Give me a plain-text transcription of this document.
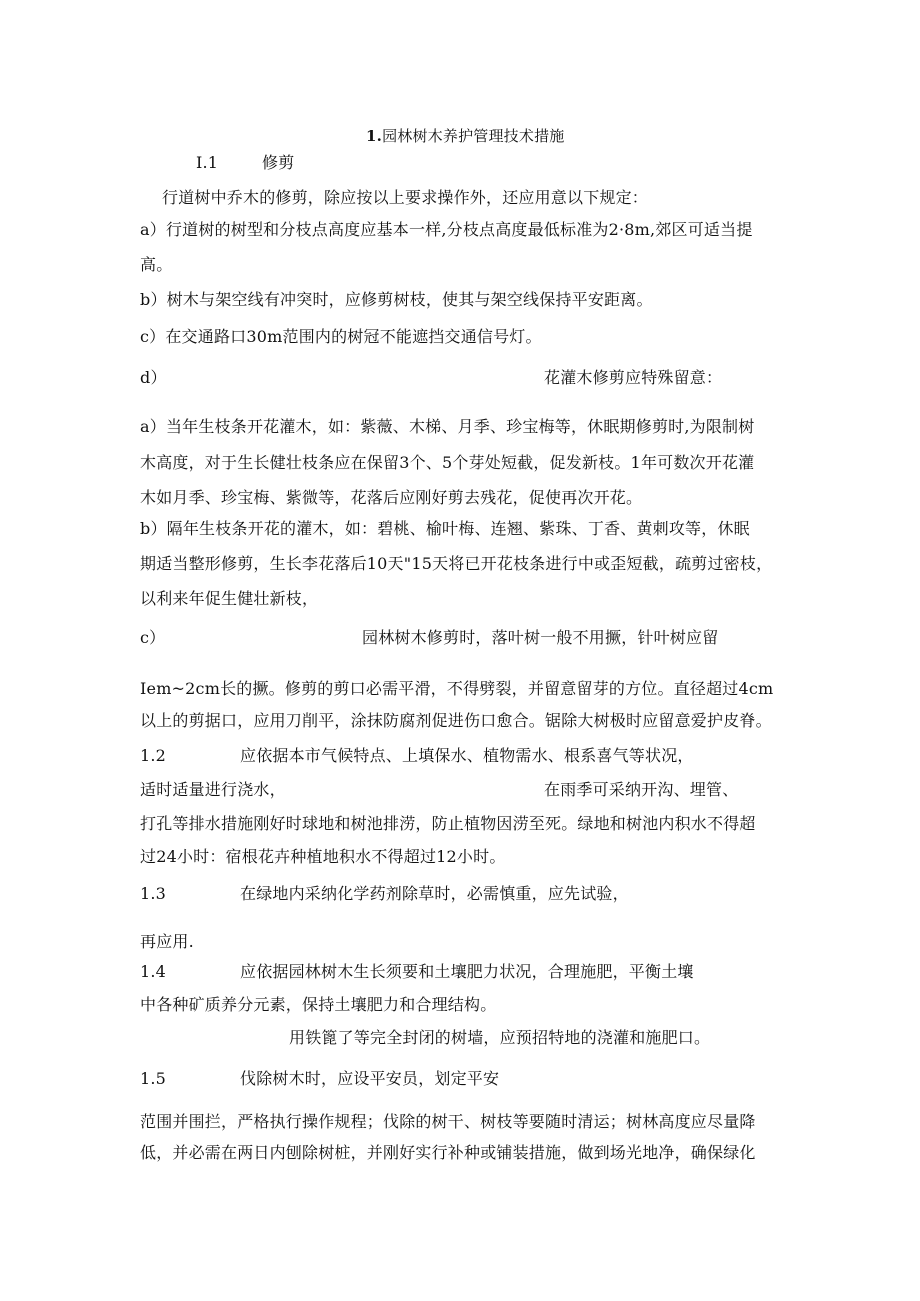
1.园林树木养护管理技术措施
I.1	修剪
行道树中乔木的修剪，除应按以上要求操作外，还应用意以下规定：
a）行道树的树型和分枝点高度应基本一样,分枝点高度最低标准为2·8m,郊区可适当提
高。
b）树木与架空线有冲突时，应修剪树枝，使其与架空线保持平安距离。
c）在交通路口30m范围内的树冠不能遮挡交通信号灯。
d）	花灌木修剪应特殊留意：
a）当年生枝条开花灌木，如：紫薇、木梯、月季、珍宝梅等，休眠期修剪时,为限制树
木高度，对于生长健壮枝条应在保留3个、5个芽处短截，促发新枝。1年可数次开花灌
木如月季、珍宝梅、紫微等，花落后应刚好剪去残花，促使再次开花。
b）隔年生枝条开花的灌木，如：碧桃、榆叶梅、连翘、紫珠、丁香、黄刺攻等，休眠
期适当整形修剪，生长李花落后10天"15天将已开花枝条进行中或歪短截，疏剪过密枝，
以利来年促生健壮新枝，
c）	园林树木修剪时，落叶树一般不用撅，针叶树应留
Iem~2cm长的撅。修剪的剪口必需平滑，不得劈裂，并留意留芽的方位。直径超过4cm
以上的剪据口，应用刀削平，涂抹防腐剂促进伤口愈合。锯除大树极时应留意爱护皮脊。
1.2	应依据本市气候特点、上填保水、植物需水、根系喜气等状况，
适时适量进行浇水，	在雨季可采纳开沟、埋管、
打孔等排水措施刚好时球地和树池排涝，防止植物因涝至死。绿地和树池内积水不得超
过24小时：宿根花卉种植地积水不得超过12小时。
1.3	在绿地内采纳化学药剂除草时，必需慎重，应先试验，
再应用.
1.4	应依据园林树木生长须要和土壤肥力状况，合理施肥，平衡土壤
中各种矿质养分元素，保持土壤肥力和合理结构。
用铁篦了等完全封闭的树墙，应预招特地的浇灌和施肥口。
1.5	伐除树木时，应设平安员，划定平安
范围并围拦，严格执行操作规程；伐除的树干、树枝等要随时清运；树林高度应尽量降
低，并必需在两日内刨除树桩，并刚好实行补种或铺装措施，做到场光地净，确保绿化
